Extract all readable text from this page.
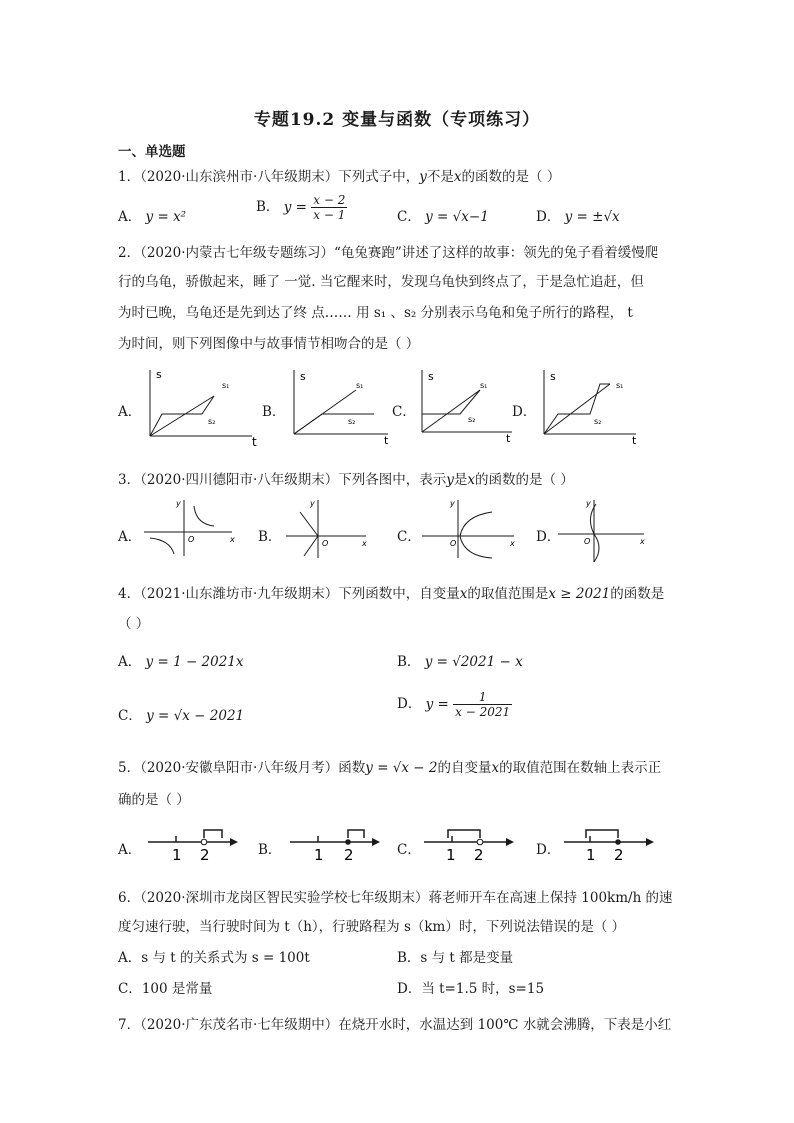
专题19.2 变量与函数（专项练习）
一、单选题
1．（2020·山东滨州市·八年级期末）下列式子中，y不是x的函数的是（ ）
A． y = x²
B． $y = \frac{x - 2}{x - 1}$	C． y = √x−1	D． y = ±√x
2．（2020·内蒙古七年级专题练习）“龟兔赛跑”讲述了这样的故事：领先的兔子看着缓慢爬
行的乌龟，骄傲起来，睡了 一觉. 当它醒来时，发现乌龟快到终点了，于是急忙追赶，但
为时已晚，乌龟还是先到达了终 点…… 用 s₁ 、s₂ 分别表示乌龟和兔子所行的路程， t
为时间，则下列图像中与故事情节相吻合的是（ ）
A．
s
t
s₁
s₂
B．
s
t
s₁
s₂
C．
s
t
s₁
s₂	D．
s
t
s₁
s₂
3．（2020·四川德阳市·八年级期末）下列各图中，表示y是x的函数的是（ ）
A．
y
x
O	B．
y
x
O	C．
y
x
O	D．
y
x
O
4．（2021·山东潍坊市·九年级期末）下列函数中，自变量x的取值范围是x ≥ 2021的函数是
（ ）
A． y = 1 − 2021x	B． y = √2021 − x
C． y = √x − 2021
D． $y = \frac{1}{x - 2021}$
5．（2020·安徽阜阳市·八年级月考）函数y = √x − 2的自变量x的取值范围在数轴上表示正
确的是（ ）
A． 1 2	B． 1 2	C． 1 2	D． 1 2
6．（2020·深圳市龙岗区智民实验学校七年级期末）蒋老师开车在高速上保持 100km/h 的速
度匀速行驶，当行驶时间为 t（h），行驶路程为 s（km）时，下列说法错误的是（ ）
A．s 与 t 的关系式为 s = 100t	B．s 与 t 都是变量
C．100 是常量	D．当 t=1.5 时，s=15
7．（2020·广东茂名市·七年级期中）在烧开水时，水温达到 100℃ 水就会沸腾，下表是小红
